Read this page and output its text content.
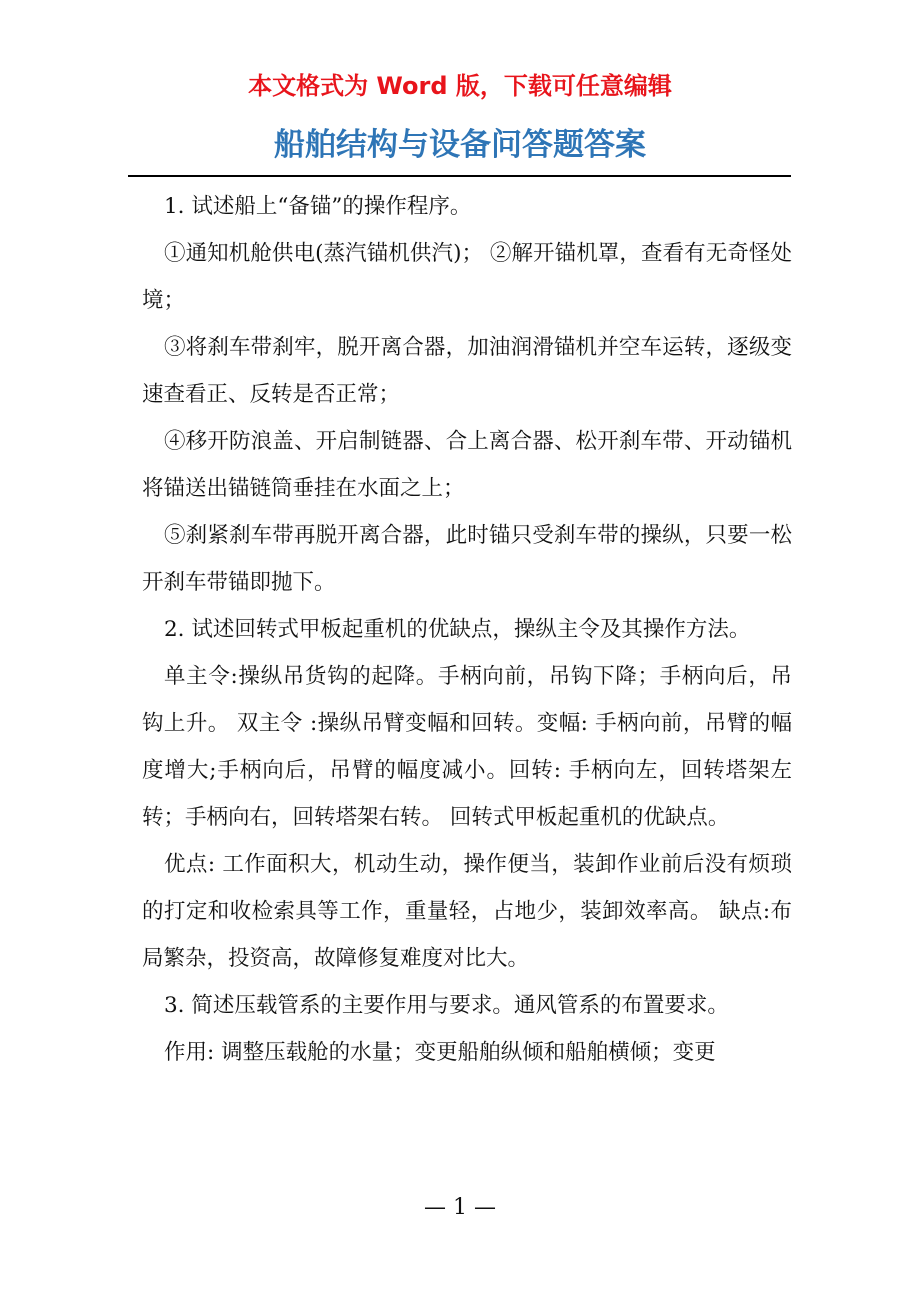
本文格式为 Word 版，下载可任意编辑
船舶结构与设备问答题答案

1. 试述船上“备锚”的操作程序。

①通知机舱供电(蒸汽锚机供汽)； ②解开锚机罩，查看有无奇怪处境；

③将刹车带刹牢，脱开离合器，加油润滑锚机并空车运转，逐级变速查看正、反转是否正常；

④移开防浪盖、开启制链器、合上离合器、松开刹车带、开动锚机将锚送出锚链筒垂挂在水面之上；

⑤刹紧刹车带再脱开离合器，此时锚只受刹车带的操纵，只要一松开刹车带锚即抛下。

2. 试述回转式甲板起重机的优缺点，操纵主令及其操作方法。

单主令:操纵吊货钩的起降。手柄向前，吊钩下降；手柄向后，吊钩上升。 双主令 :操纵吊臂变幅和回转。变幅: 手柄向前，吊臂的幅度增大;手柄向后，吊臂的幅度减小。回转: 手柄向左，回转塔架左转；手柄向右，回转塔架右转。 回转式甲板起重机的优缺点。

优点: 工作面积大，机动生动，操作便当，装卸作业前后没有烦琐的打定和收检索具等工作，重量轻，占地少，装卸效率高。 缺点:布局繁杂，投资高，故障修复难度对比大。

3. 简述压载管系的主要作用与要求。通风管系的布置要求。

作用: 调整压载舱的水量；变更船舶纵倾和船舶横倾；变更

— 1 —
